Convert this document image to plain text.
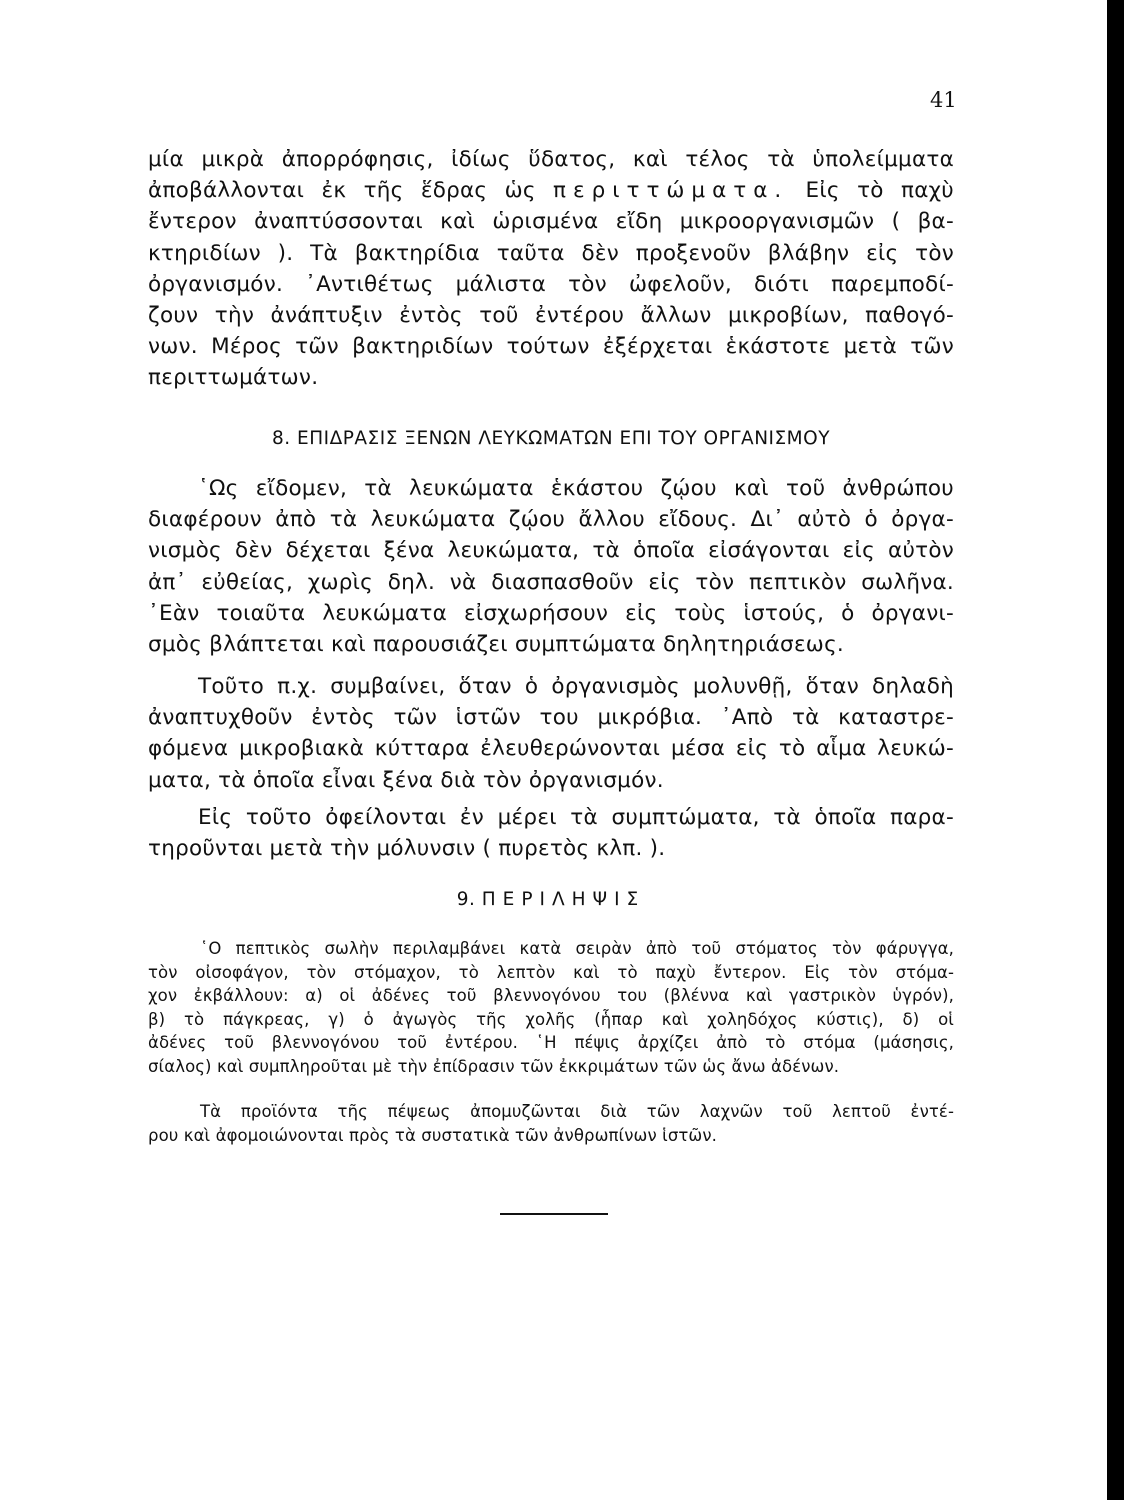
41
μία μικρὰ ἀπορρόφησις, ἰδίως ὕδατος, καὶ τέλος τὰ ὑπολείμματα
ἀποβάλλονται ἐκ τῆς ἕδρας ὡς περιττώματα. Εἰς τὸ παχὺ
ἔντερον ἀναπτύσσονται καὶ ὡρισμένα εἴδη μικροοργανισμῶν ( βα-
κτηριδίων ). Τὰ βακτηρίδια ταῦτα δὲν προξενοῦν βλάβην εἰς τὸν
ὀργανισμόν. ᾽Αντιθέτως μάλιστα τὸν ὠφελοῦν, διότι παρεμποδί-
ζουν τὴν ἀνάπτυξιν ἐντὸς τοῦ ἐντέρου ἄλλων μικροβίων, παθογό-
νων. Μέρος τῶν βακτηριδίων τούτων ἐξέρχεται ἑκάστοτε μετὰ τῶν
περιττωμάτων.
8. ΕΠΙΔΡΑΣΙΣ ΞΕΝΩΝ ΛΕΥΚΩΜΑΤΩΝ ΕΠΙ ΤΟΥ ΟΡΓΑΝΙΣΜΟΥ
῾Ως εἴδομεν, τὰ λευκώματα ἑκάστου ζῴου καὶ τοῦ ἀνθρώπου
διαφέρουν ἀπὸ τὰ λευκώματα ζῴου ἄλλου εἴδους. Δι᾽ αὐτὸ ὁ ὀργα-
νισμὸς δὲν δέχεται ξένα λευκώματα, τὰ ὁποῖα εἰσάγονται εἰς αὐτὸν
ἀπ᾽ εὐθείας, χωρὶς δηλ. νὰ διασπασθοῦν εἰς τὸν πεπτικὸν σωλῆνα.
᾽Εὰν τοιαῦτα λευκώματα εἰσχωρήσουν εἰς τοὺς ἱστούς, ὁ ὀργανι-
σμὸς βλάπτεται καὶ παρουσιάζει συμπτώματα δηλητηριάσεως.
Τοῦτο π.χ. συμβαίνει, ὅταν ὁ ὀργανισμὸς μολυνθῇ, ὅταν δηλαδὴ
ἀναπτυχθοῦν ἐντὸς τῶν ἱστῶν του μικρόβια. ᾽Απὸ τὰ καταστρε-
φόμενα μικροβιακὰ κύτταρα ἐλευθερώνονται μέσα εἰς τὸ αἷμα λευκώ-
ματα, τὰ ὁποῖα εἶναι ξένα διὰ τὸν ὀργανισμόν.
Εἰς τοῦτο ὀφείλονται ἐν μέρει τὰ συμπτώματα, τὰ ὁποῖα παρα-
τηροῦνται μετὰ τὴν μόλυνσιν ( πυρετὸς κλπ. ).
9. ΠΕΡΙΛΗΨΙΣ
῾Ο πεπτικὸς σωλὴν περιλαμβάνει κατὰ σειρὰν ἀπὸ τοῦ στόματος τὸν φάρυγγα,
τὸν οἰσοφάγον, τὸν στόμαχον, τὸ λεπτὸν καὶ τὸ παχὺ ἔντερον. Εἰς τὸν στόμα-
χον ἐκβάλλουν: α) οἱ ἀδένες τοῦ βλεννογόνου του (βλέννα καὶ γαστρικὸν ὑγρόν),
β) τὸ πάγκρεας, γ) ὁ ἀγωγὸς τῆς χολῆς (ἧπαρ καὶ χοληδόχος κύστις), δ) οἱ
ἀδένες τοῦ βλεννογόνου τοῦ ἐντέρου. ῾Η πέψις ἀρχίζει ἀπὸ τὸ στόμα (μάσησις,
σίαλος) καὶ συμπληροῦται μὲ τὴν ἐπίδρασιν τῶν ἐκκριμάτων τῶν ὡς ἄνω ἀδένων.
Τὰ προϊόντα τῆς πέψεως ἀπομυζῶνται διὰ τῶν λαχνῶν τοῦ λεπτοῦ ἐντέ-
ρου καὶ ἀφομοιώνονται πρὸς τὰ συστατικὰ τῶν ἀνθρωπίνων ἱστῶν.
